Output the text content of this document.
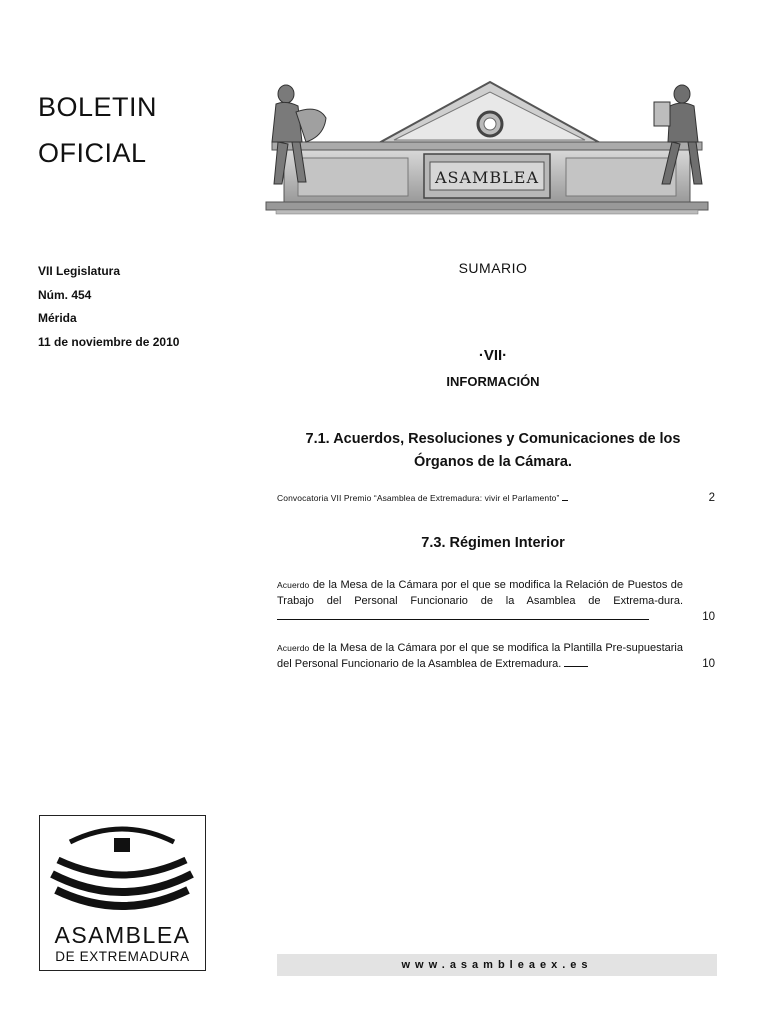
BOLETIN
OFICIAL
ASAMBLEA
VII Legislatura
Núm. 454
Mérida
11 de noviembre de 2010
SUMARIO
·VII·
INFORMACIÓN
7.1. Acuerdos, Resoluciones y Comunicaciones de los Órganos de la Cámara.
Convocatoria VII Premio “Asamblea de Extremadura: vivir el Parlamento”	2
7.3. Régimen Interior
Acuerdo de la Mesa de la Cámara por el que se modifica la Relación de Puestos de Trabajo del Personal Funcionario de la Asamblea de Extrema-dura.
10
Acuerdo de la Mesa de la Cámara por el que se modifica la Plantilla Pre-supuestaria del Personal Funcionario de la Asamblea de Extremadura.	10
ASAMBLEA
DE EXTREMADURA
www.asambleaex.es
